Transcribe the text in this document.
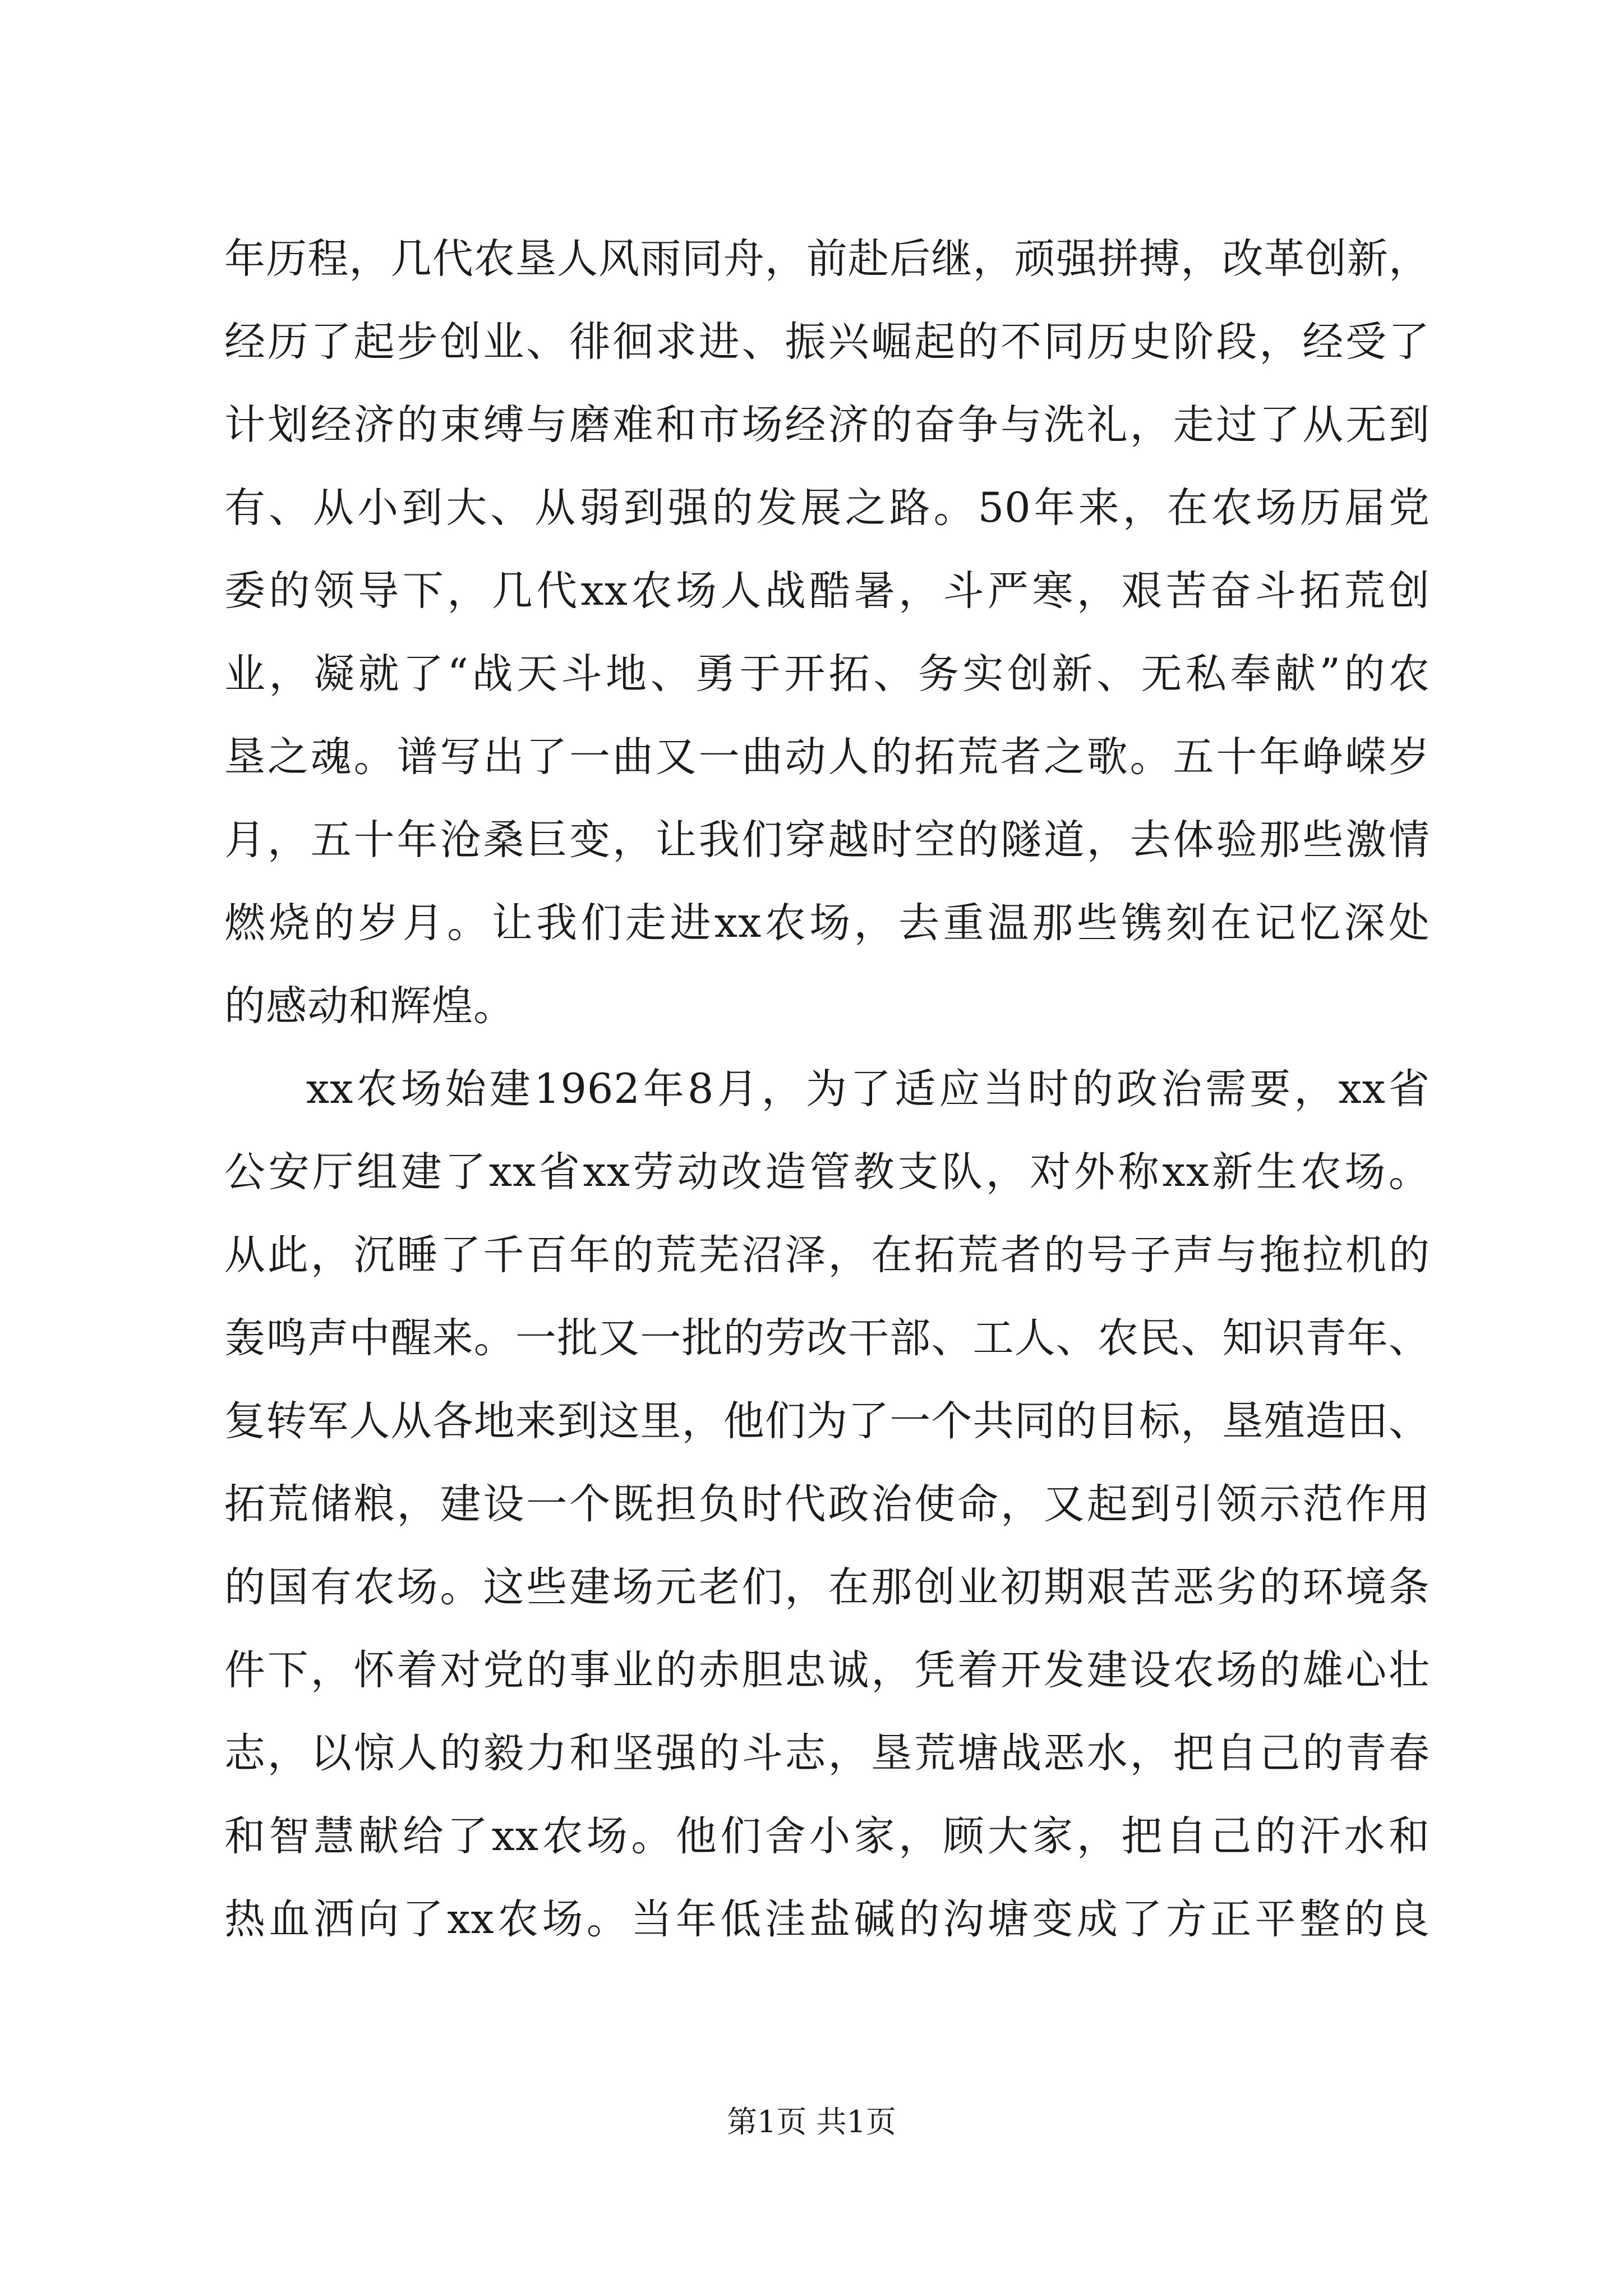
年历程，几代农垦人风雨同舟，前赴后继，顽强拼搏，改革创新，
经历了起步创业、徘徊求进、振兴崛起的不同历史阶段，经受了
计划经济的束缚与磨难和市场经济的奋争与洗礼，走过了从无到
有、从小到大、从弱到强的发展之路。50年来，在农场历届党
委的领导下，几代xx农场人战酷暑，斗严寒，艰苦奋斗拓荒创
业，凝就了“战天斗地、勇于开拓、务实创新、无私奉献”的农
垦之魂。谱写出了一曲又一曲动人的拓荒者之歌。五十年峥嵘岁
月，五十年沧桑巨变，让我们穿越时空的隧道，去体验那些激情
燃烧的岁月。让我们走进xx农场，去重温那些镌刻在记忆深处
的感动和辉煌。
xx农场始建1962年8月，为了适应当时的政治需要，xx省
公安厅组建了xx省xx劳动改造管教支队，对外称xx新生农场。
从此，沉睡了千百年的荒芜沼泽，在拓荒者的号子声与拖拉机的
轰鸣声中醒来。一批又一批的劳改干部、工人、农民、知识青年、
复转军人从各地来到这里，他们为了一个共同的目标，垦殖造田、
拓荒储粮，建设一个既担负时代政治使命，又起到引领示范作用
的国有农场。这些建场元老们，在那创业初期艰苦恶劣的环境条
件下，怀着对党的事业的赤胆忠诚，凭着开发建设农场的雄心壮
志，以惊人的毅力和坚强的斗志，垦荒塘战恶水，把自己的青春
和智慧献给了xx农场。他们舍小家，顾大家，把自己的汗水和
热血洒向了xx农场。当年低洼盐碱的沟塘变成了方正平整的良
第1页 共1页
